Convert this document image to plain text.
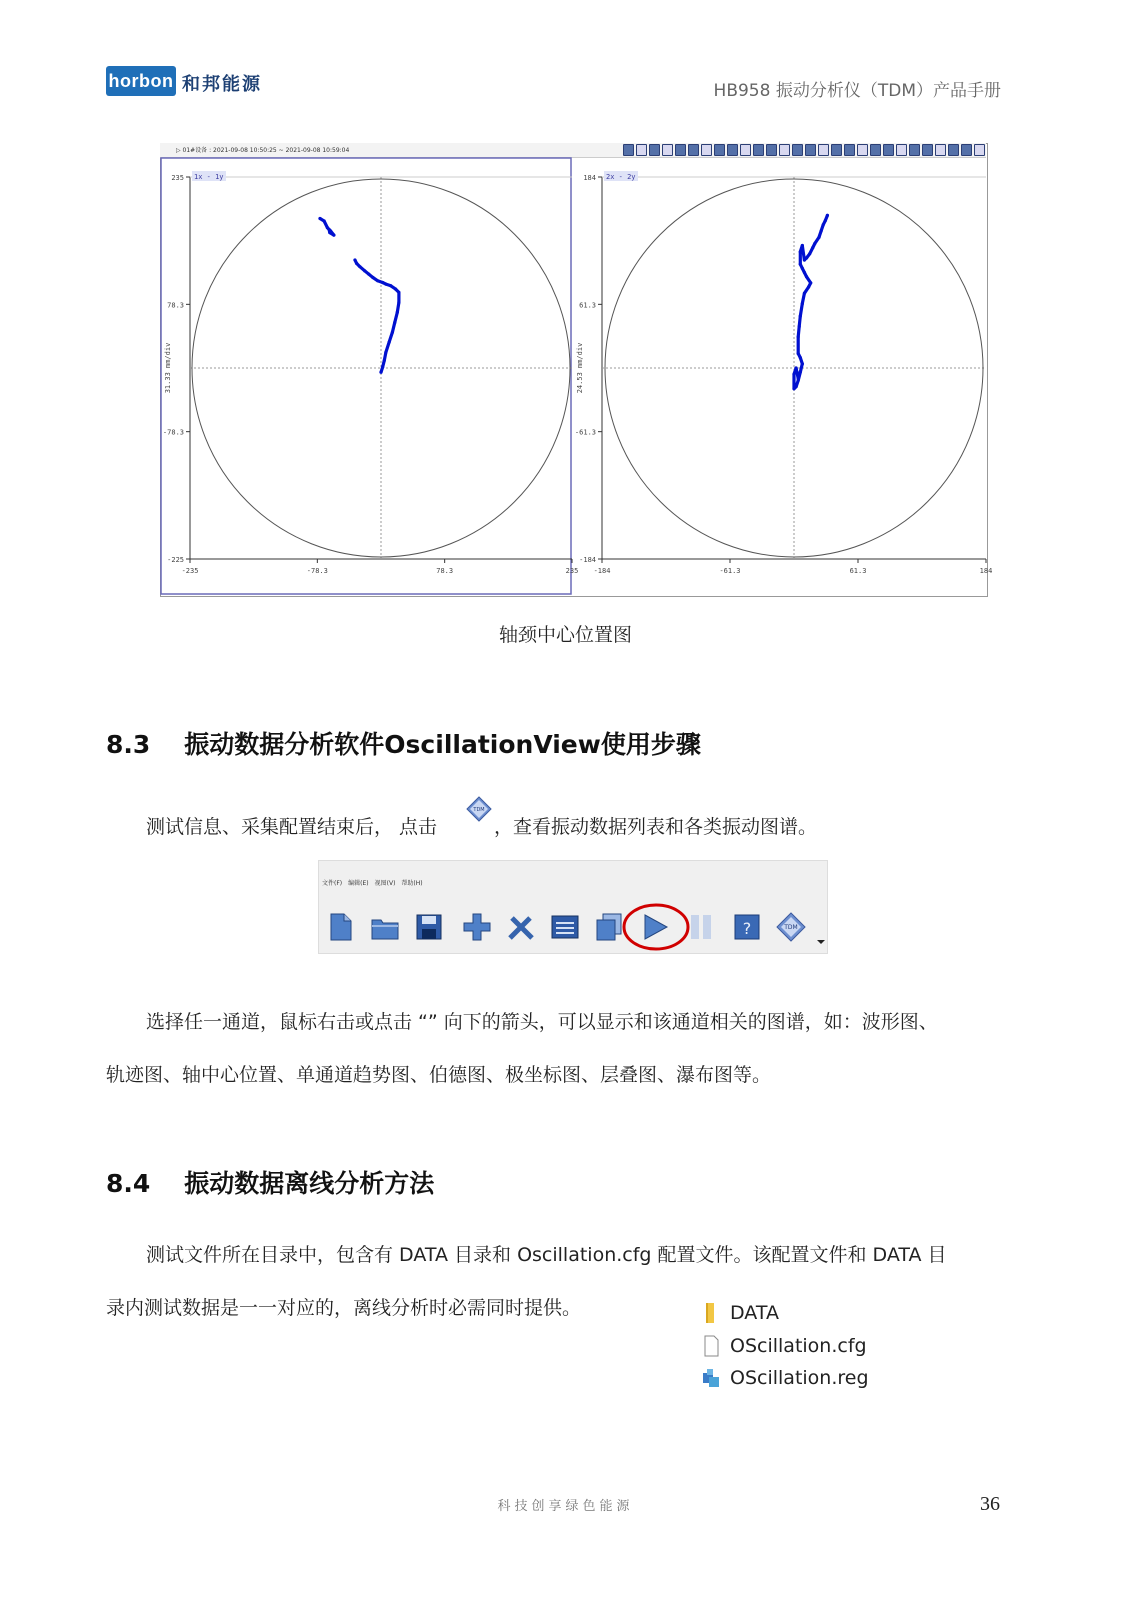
horbon 和邦能源	HB958 振动分析仪（TDM）产品手册
▷ 01#设备 : 2021-09-08 10:50:25 ~ 2021-09-08 10:59:04
-235	-78.3	78.3	235
235
78.3
-78.3
-225
1x - 1y
31.33 mm/div
-184	-61.3	61.3	184
184
61.3
-61.3
-184
2x - 2y
24.53 mm/div
轴颈中心位置图
8.3 振动数据分析软件OscillationView使用步骤
测试信息、采集配置结束后， 点击
TDM
，查看振动数据列表和各类振动图谱。
文件(F) 编辑(E) 视图(V) 帮助(H)
?	TDM
选择任一通道，鼠标右击或点击 “” 向下的箭头，可以显示和该通道相关的图谱，如：波形图、
轨迹图、轴中心位置、单通道趋势图、伯德图、极坐标图、层叠图、瀑布图等。
8.4 振动数据离线分析方法
测试文件所在目录中，包含有 DATA 目录和 Oscillation.cfg 配置文件。该配置文件和 DATA 目
录内测试数据是一一对应的，离线分析时必需同时提供。	DATA
OScillation.cfg
OScillation.reg
科技创享绿色能源	36
